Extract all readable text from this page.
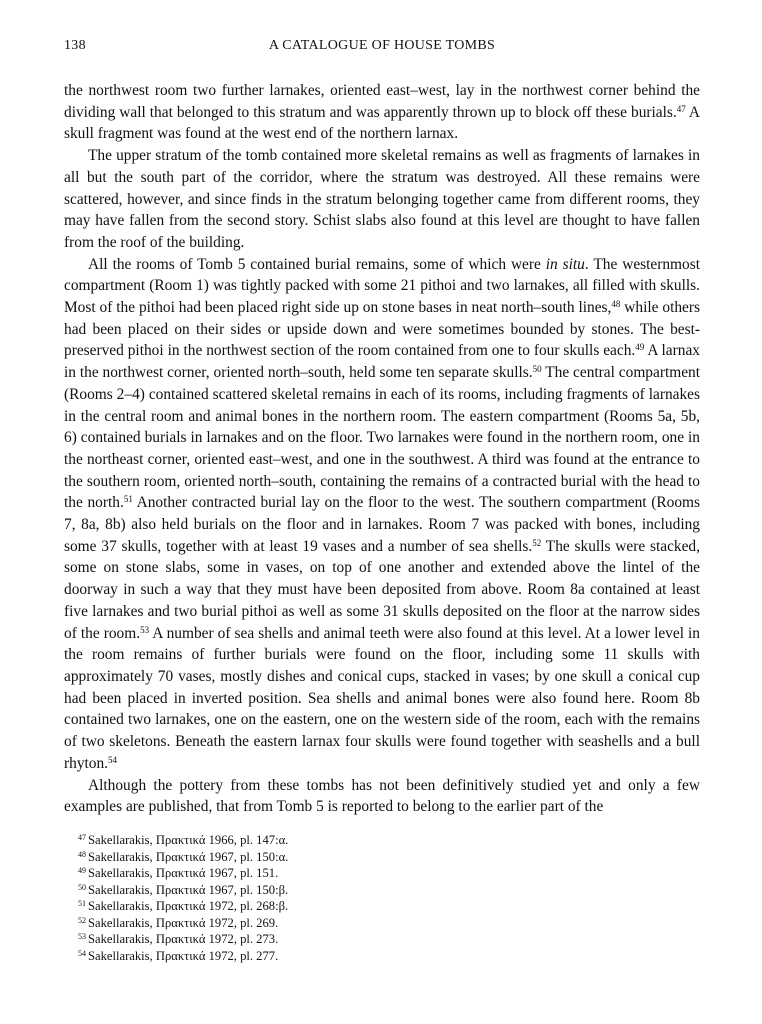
138	A CATALOGUE OF HOUSE TOMBS

the northwest room two further larnakes, oriented east–west, lay in the northwest corner behind the dividing wall that belonged to this stratum and was apparently thrown up to block off these burials.$^{47}$ A skull fragment was found at the west end of the northern larnax.

The upper stratum of the tomb contained more skeletal remains as well as fragments of larnakes in all but the south part of the corridor, where the stratum was destroyed. All these remains were scattered, however, and since finds in the stratum belonging together came from different rooms, they may have fallen from the second story. Schist slabs also found at this level are thought to have fallen from the roof of the building.

All the rooms of Tomb 5 contained burial remains, some of which were in situ. The westernmost compartment (Room 1) was tightly packed with some 21 pithoi and two larnakes, all filled with skulls. Most of the pithoi had been placed right side up on stone bases in neat north–south lines,$^{48}$ while others had been placed on their sides or upside down and were sometimes bounded by stones. The best-preserved pithoi in the northwest section of the room contained from one to four skulls each.$^{49}$ A larnax in the northwest corner, oriented north–south, held some ten separate skulls.$^{50}$ The central compartment (Rooms 2–4) contained scattered skeletal remains in each of its rooms, including fragments of larnakes in the central room and animal bones in the northern room. The eastern compartment (Rooms 5a, 5b, 6) contained burials in larnakes and on the floor. Two larnakes were found in the northern room, one in the northeast corner, oriented east–west, and one in the southwest. A third was found at the entrance to the southern room, oriented north–south, containing the remains of a contracted burial with the head to the north.$^{51}$ Another contracted burial lay on the floor to the west. The southern compartment (Rooms 7, 8a, 8b) also held burials on the floor and in larnakes. Room 7 was packed with bones, including some 37 skulls, together with at least 19 vases and a number of sea shells.$^{52}$ The skulls were stacked, some on stone slabs, some in vases, on top of one another and extended above the lintel of the doorway in such a way that they must have been deposited from above. Room 8a contained at least five larnakes and two burial pithoi as well as some 31 skulls deposited on the floor at the narrow sides of the room.$^{53}$ A number of sea shells and animal teeth were also found at this level. At a lower level in the room remains of further burials were found on the floor, including some 11 skulls with approximately 70 vases, mostly dishes and conical cups, stacked in vases; by one skull a conical cup had been placed in inverted position. Sea shells and animal bones were also found here. Room 8b contained two larnakes, one on the eastern, one on the western side of the room, each with the remains of two skeletons. Beneath the eastern larnax four skulls were found together with seashells and a bull rhyton.$^{54}$

Although the pottery from these tombs has not been definitively studied yet and only a few examples are published, that from Tomb 5 is reported to belong to the earlier part of the

$^{47}$ Sakellarakis, Πρακτικά 1966, pl. 147:α.
$^{48}$ Sakellarakis, Πρακτικά 1967, pl. 150:α.
$^{49}$ Sakellarakis, Πρακτικά 1967, pl. 151.
$^{50}$ Sakellarakis, Πρακτικά 1967, pl. 150:β.
$^{51}$ Sakellarakis, Πρακτικά 1972, pl. 268:β.
$^{52}$ Sakellarakis, Πρακτικά 1972, pl. 269.
$^{53}$ Sakellarakis, Πρακτικά 1972, pl. 273.
$^{54}$ Sakellarakis, Πρακτικά 1972, pl. 277.
